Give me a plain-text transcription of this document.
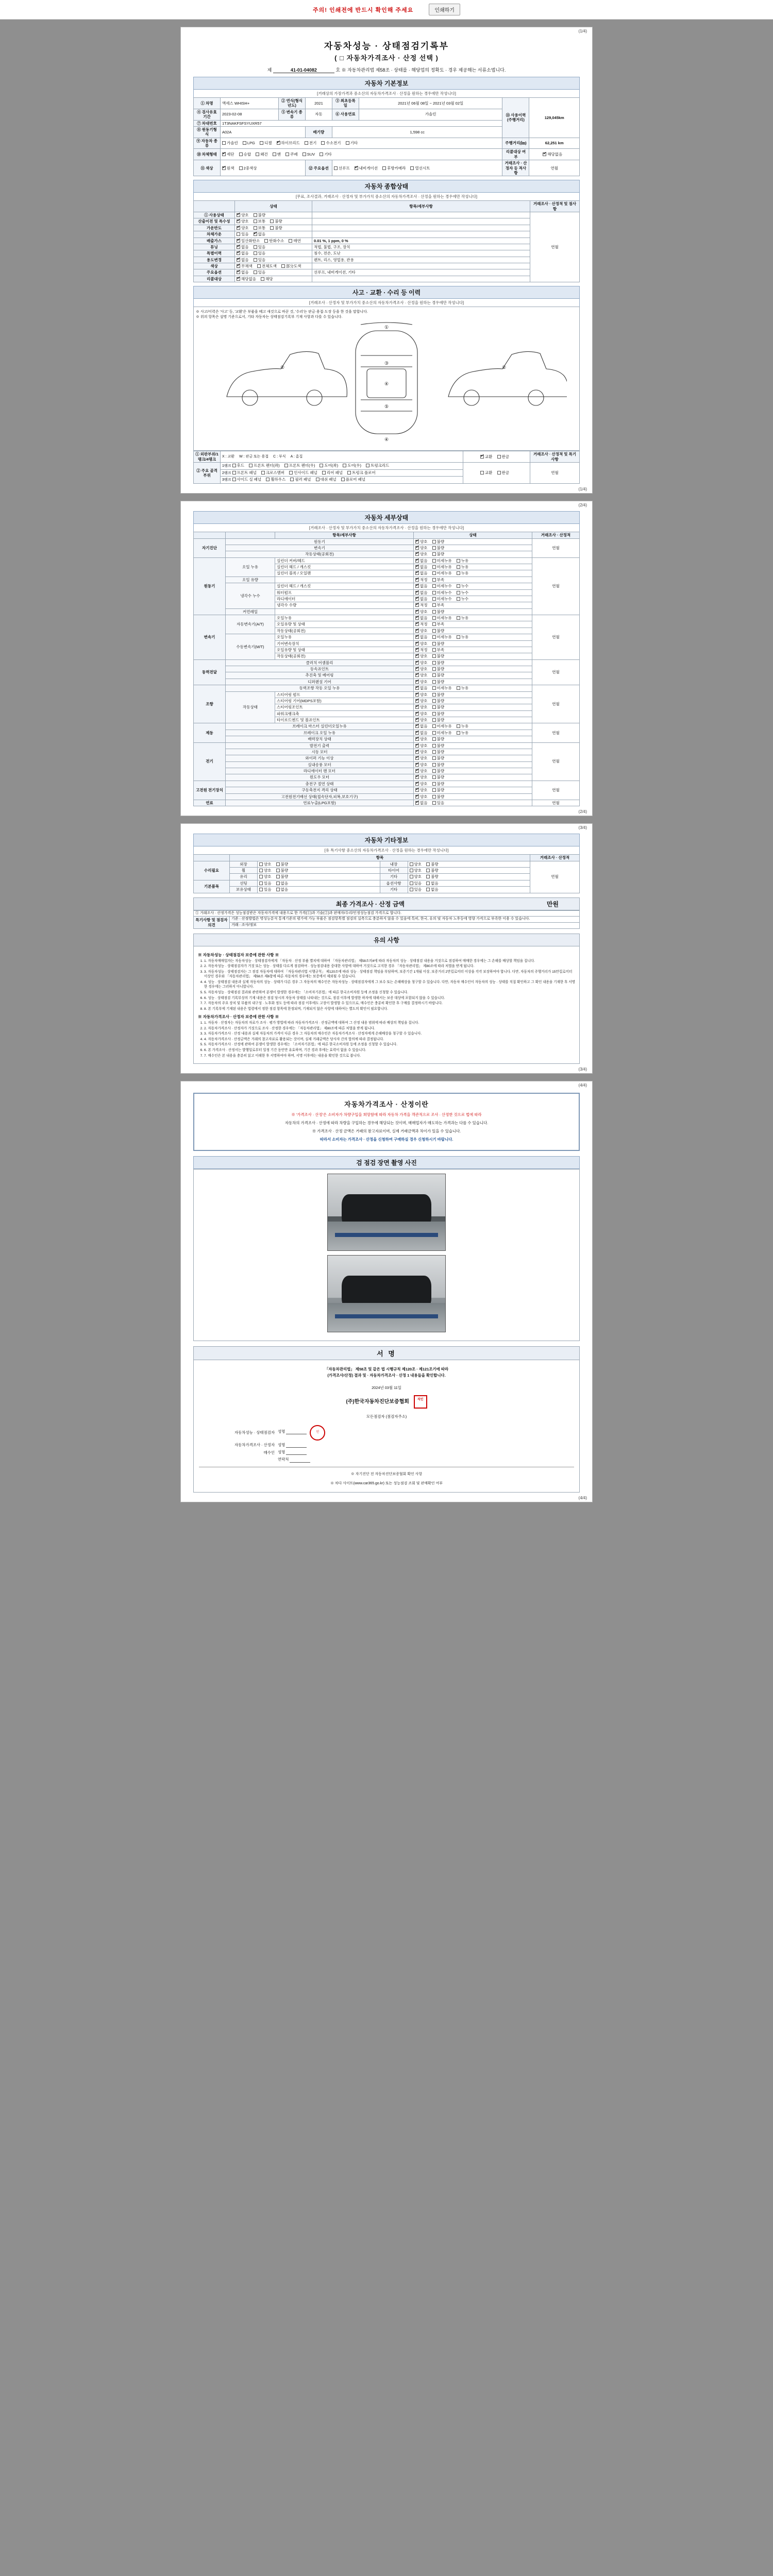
주의! 인쇄전에 반드시 확인해 주세요	인쇄하기
(1/4)
자동차성능 · 상태점검기록부
( □ 자동차가격조사 · 산정 선택 )
제	41-01-04082	호 ※ 자동차관리법 제58조 · 상태를 · 해당업의 정확도 · 경우 제공해는 서류소법니다.
자동차 기본정보
[거래상의 가장가격과 중소산의 자동차가격조사 · 산정을 원하는 경우에만 작성니다]
① 차명	액세스 WHISH+	② 연식(형식년도)	2021	③ 최초등록일	2021년 06월 08일 ~ 2021년 03월 02일	⑬ 사용이력(주행거리)	129,045km
④ 검사유효기간	2023-02-08	⑤ 변속기 종류	자동	⑥ 사용연료	가솔린		
⑦ 차대번호	1T3NAKFSFSYUXR57						
⑧ 원동기형식	A02A		배기량	1,598 cc			
⑨ 자동차 종류	가솔린 LPG 디젤 ✔ 하이브리드 전기 수소전기 기타					주행거리(㎞)	62,251 km
⑩ 차체형태	✔세단 승합 왜건 밴 쿠페 SUV 기타					리콜대상 여부	✔해당없음
⑪ 색상	✔원색 2중색상		⑫ 주요옵션	선루프 ✔ 내비게이션 후방카메라 열선시트		거래조사 · 산정자 등 적사항	연월
자동차 종합상태
[무료, 조사결과, 거래조사 · 산정자 및 부가가치 중소산의 자동차가격조사 · 산정을 원하는 경우에만 작성니다]
	상태	항목/세부사항	거래조사 · 산정적 및 점사항
① 사용상태	✔양호 불량		연월
산출이전 및 특수성	✔양호 보통 불량	
가운반도	✔양호 보통 불량	
차체가운	있음 ✔ 없음	
배출가스	✔일산화탄소 탄화수소 매연	0.01 %, 1 ppm, 0 %	
튜닝	✔없음 있음	적법, 불법, 구조, 장치	
특별이력	✔없음 있음	침수, 전손, 도난	
용도변경	✔없음 있음	렌트, 리스, 영업용, 관용	
색상	✔무채색 전체도색 部分도색	
주요옵션	✔없음 있음	선루프, 내비게이션, 기타	
리콜대상	✔해당없음 해당	
사고 · 교환 · 수리 등 이력
[거래조사 · 산정자 및 부가가치 중소산의 자동차가격조사 · 산정을 원하는 경우에만 작성니다]
※ 사고/이력은 '사고' 등, '교환'은 부품을 떼고 새것으로 바꾼 것, '수리'는 판금·용접·도장 등을 한 것을 말합니다.
※ 위의 항목은 설명 기준으로서, 기타 자동차는 상태점검기록부 기재 사항과 다를 수 있습니다.
①
③
④
⑤
④
②	②
① 외판부위/1랭크/4랭크	X : 교환 W : 판금 또는 용접 C : 부식 A : 흠집	✔교환 판금	거래조사 · 산정적 및 특기사항
② 주요 골격 부위	1랭크 후드 프론트 펜더(좌) 프론트 펜더(우) 도어(좌) 도어(우) 트렁크리드	교환 판금	연월
	2랭크 프론트 패널 크로스멤버 인사이드 패널 리어 패널 트렁크 플로어		
	3랭크 사이드 실 패널 휠하우스 필러 패널 대쉬 패널 플로어 패널		
(1/4)
(2/4)
자동차 세부상태
[거래조사 · 산정자 및 부가가치 중소산의 자동차가격조사 · 산정을 원하는 경우에만 작성니다]
		항목/세부사항	상태	거래조사 · 산정적
자기진단	원동기	✔양호 불량	연월
	변속기	✔양호 불량
	작동상태(공회전)	✔양호 불량
원동기	오일 누유	실린더 커버/헤드	✔없음 미세누유 누유	연월
		실린더 헤드 / 개스킷	✔없음 미세누유 누유
		실린더 블록 / 오일팬	✔없음 미세누유 누유
	오일 유량		✔적정 부족
	냉각수 누수	실린더 헤드 / 개스킷	✔없음 미세누수 누수
		워터펌프	✔없음 미세누수 누수
		라디에이터	✔없음 미세누수 누수
		냉각수 수량	✔적정 부족
	커먼레일		✔양호 불량
변속기	자동변속기(A/T)	오일누유	✔없음 미세누유 누유	연월
		오일유량 및 상태	✔적정 부족
		작동상태(공회전)	✔양호 불량
	수동변속기(M/T)	오일누유	✔없음 미세누유 누유
		기어변속장치	✔양호 불량
		오일유량 및 상태	✔적정 부족
		작동상태(공회전)	✔양호 불량
동력전달	클러치 어셈블리	✔양호 불량	연월
	등속죠인트	✔양호 불량
	추진축 및 베어링	✔양호 불량
	디퍼렌셜 기어	✔양호 불량
조향	동력조향 작동 오일 누유	✔없음 미세누유 누유	연월
	작동상태	스티어링 펌프	✔양호 불량
		스티어링 기어(MDPS포함)	✔양호 불량
		스티어링조인트	✔양호 불량
		파워크랭크축	✔양호 불량
		타이로드엔드 및 볼죠인트	✔양호 불량
제동	브레이크 마스터 실린더오일누유	✔없음 미세누유 누유	연월
	브레이크 오일 누유	✔없음 미세누유 누유
	배력장치 상태	✔양호 불량
전기	발전기 출력	✔양호 불량	연월
	시동 모터	✔양호 불량
	와이퍼 기능 이상	✔양호 불량
	실내송풍 모터	✔양호 불량
	라디에이터 팬 모터	✔양호 불량
	윈도우 모터	✔양호 불량
고전원 전기장치	충전구 절연 상태	✔양호 불량	연월
	구동축전지 격리 상태	✔양호 불량
	고전원전기배선 상태(접속단자,피복,보호기구)	✔양호 불량
연료	연료누출(LPG포함)	✔없음 있음	연월
(2/4)
(3/4)
자동차 기타정보
[유 특기사항 중소산의 자동차가격조사 · 산정을 원하는 경우에만 작성니다]
	항목				거래조사 · 산정적
수리필요	외장	양호 불량	내장	양호 불량	연월
	휠	양호 불량	타이어	양호 불량	
	유리	양호 불량	기타	양호 불량	
기본품목	선팅	있음 없음	옵션사항	있음 없음	
	보유상태	있음 없음	기타	있음 없음	
최종 가격조사 · 산정 금액	만원
① 거래조사 · 산정가격은 성능점검받은 자동차가격에 내용으로 한 가격(①)과 기술(②)과 판매자/수리/인정성능점검 가격으로 합니다.
특기사항 및 점검자 의견	기준 · 산정방법은 명성능분석 통계기준의 평가에 가능 부품은 점검항목별 점검의 실측으로 충분하지 않을 수 있음에 특히, 한국, 유의 및 자동차 노후등에 영향 가격으로 부족한 이용 수 있습니다.
거래 · 조사/정보
유의 사항
※ 자동차성능 · 상태점검자 보증에 관한 사항 ※
1. 1. 자동차매매업자는 자동차성능 · 상태점검자에게 「자동차 · 산정 부품 별치에 대하여 「자동차관리법」 제58조의4에 따라 자동차의 성능 · 상태점검 내용을 거짓으로 점검하여 매매한 경우에는 그 손해를 배상할 책임을 집니다.
2. 2. 자동차성능 · 상태점검자가 거짓 또는 성능 · 상태를 다르게 점검하여 · 성능점검내용 중대한 사항에 대하여 거짓으로 고지한 경우 「자동차관리법」 제80조에 따라 처벌을 받게 됩니다.
3. 3. 자동차성능 · 상태점검자는 그 점검 자동차에 대하여 「자동차관리법 시행규칙」 제120조에 따라 성능 · 상태점검 책임을 부담하며, 보증기간 1개월 이상, 보증거리 2만킬로미터 이상을 각각 보장하여야 합니다. 다만, 자동차의 주행거리가 15만킬로미터 이상인 경우와 「자동차관리법」 제58조 제6항에 따른 자동차의 경우에는 보증에서 제외될 수 있습니다.
4. 4. 성능 · 상태점검 내용과 실제 자동차의 성능 · 상태가 다른 경우 그 자동차의 매수인은 자동차성능 · 상태점검자에게 그 보수 또는 손해배상을 청구할 수 있습니다. 다만, 자동차 매수인이 자동차의 성능 · 상태를 직접 확인하고 그 확인 내용을 기재한 후 서명한 경우에는 그러하지 아니합니다.
5. 5. 자동차성능 · 상태점검 결과와 관련하여 분쟁이 발생한 경우에는 「소비자기본법」에 따른 한국소비자원 등에 조정을 신청할 수 있습니다.
6. 6. 성능 · 상태점검 기록부상의 기재 내용은 점검 당시의 자동차 상태를 나타내는 것으로, 점검 이후에 발생한 하자에 대해서는 보증 대상에 포함되지 않을 수 있습니다.
7. 7. 자동차의 주요 장치 및 부품의 내구성 · 노후화 정도 등에 따라 점검 이후에도 고장이 발생할 수 있으므로, 매수인은 충분히 확인한 후 구매를 결정하시기 바랍니다.
8. 8. 본 기록부에 기재된 내용은 법령에서 정한 점검 항목에 한정되며, 기재되지 않은 사항에 대하여는 별도의 확인이 필요합니다.
※ 자동차가격조사 · 산정자 보증에 관한 사항 ※
1. 1. 자동차 · 산정자는 자동차의 자료가 조사 · 평가 방법에 따라 자동차가격조사 · 산정금액에 대하여 그 산정 내용 범위에 따라 배상의 책임을 집니다.
2. 2. 자동차가격조사 · 산정자가 거짓으로 조사 · 산정한 경우에는 「자동차관리법」 제80조에 따른 처벌을 받게 됩니다.
3. 3. 자동차가격조사 · 산정 내용과 실제 자동차의 가격이 다른 경우 그 자동차의 매수인은 자동차가격조사 · 산정자에게 손해배상을 청구할 수 있습니다.
4. 4. 자동차가격조사 · 산정금액은 거래의 참고자료로 활용되는 것이며, 실제 거래금액은 당사자 간의 합의에 따라 결정됩니다.
5. 5. 자동차가격조사 · 산정에 관하여 분쟁이 발생한 경우에는 「소비자기본법」에 따른 한국소비자원 등에 조정을 신청할 수 있습니다.
6. 6. 본 가격조사 · 산정서는 발행일로부터 일정 기간 동안만 유효하며, 기간 경과 후에는 효력이 없을 수 있습니다.
7. 7. 매수인은 본 내용을 충분히 읽고 이해한 후 서명하여야 하며, 서명 이후에는 내용을 확인한 것으로 봅니다.
(3/4)
(4/4)
자동차가격조사 · 산정이란

※ '가격조사 · 산정'은 소비자가 차량구입을 희망함에 따라 자동차 가격을 객관적으로 조사 · 산정한 것으로 법에 따라

자동차의 가격조사 · 산정에 따라 차량을 구입하는 경우에 해당되는 것이며, 매매업자가 매도하는 가격과는 다를 수 있습니다.

※ 가격조사 · 산정 금액은 거래의 참고자료이며, 실제 거래금액과 차이가 있을 수 있습니다.

따라서 소비자는 가격조사 · 산정을 신청하여 구매하실 경우 신청하시기 바랍니다.

검 점검 장면 촬영 사진
서 명
「자동차관리법」 제58조 및 같은 법 시행규칙 제120조 · 제121조기에 따라
(가격조사/산정) 결과 및 · 자동차가격조사 · 산정 1 내용들을 확인합니다.
2024년 03월 11일
(주)한국자동차진단보증협회	직인
모든점검자 (점검자주소)
자동차성능 · 상태점검자	성명 인
자동차가격조사 · 산정자	성명
매수인	성명
	연락처
※ 자기진단 전 자동차진단보증협회 확인 사항
※ 차다 사이트(www.car365.go.kr) 또는 성능점검 조회 및 판매확인 여부
(4/4)
